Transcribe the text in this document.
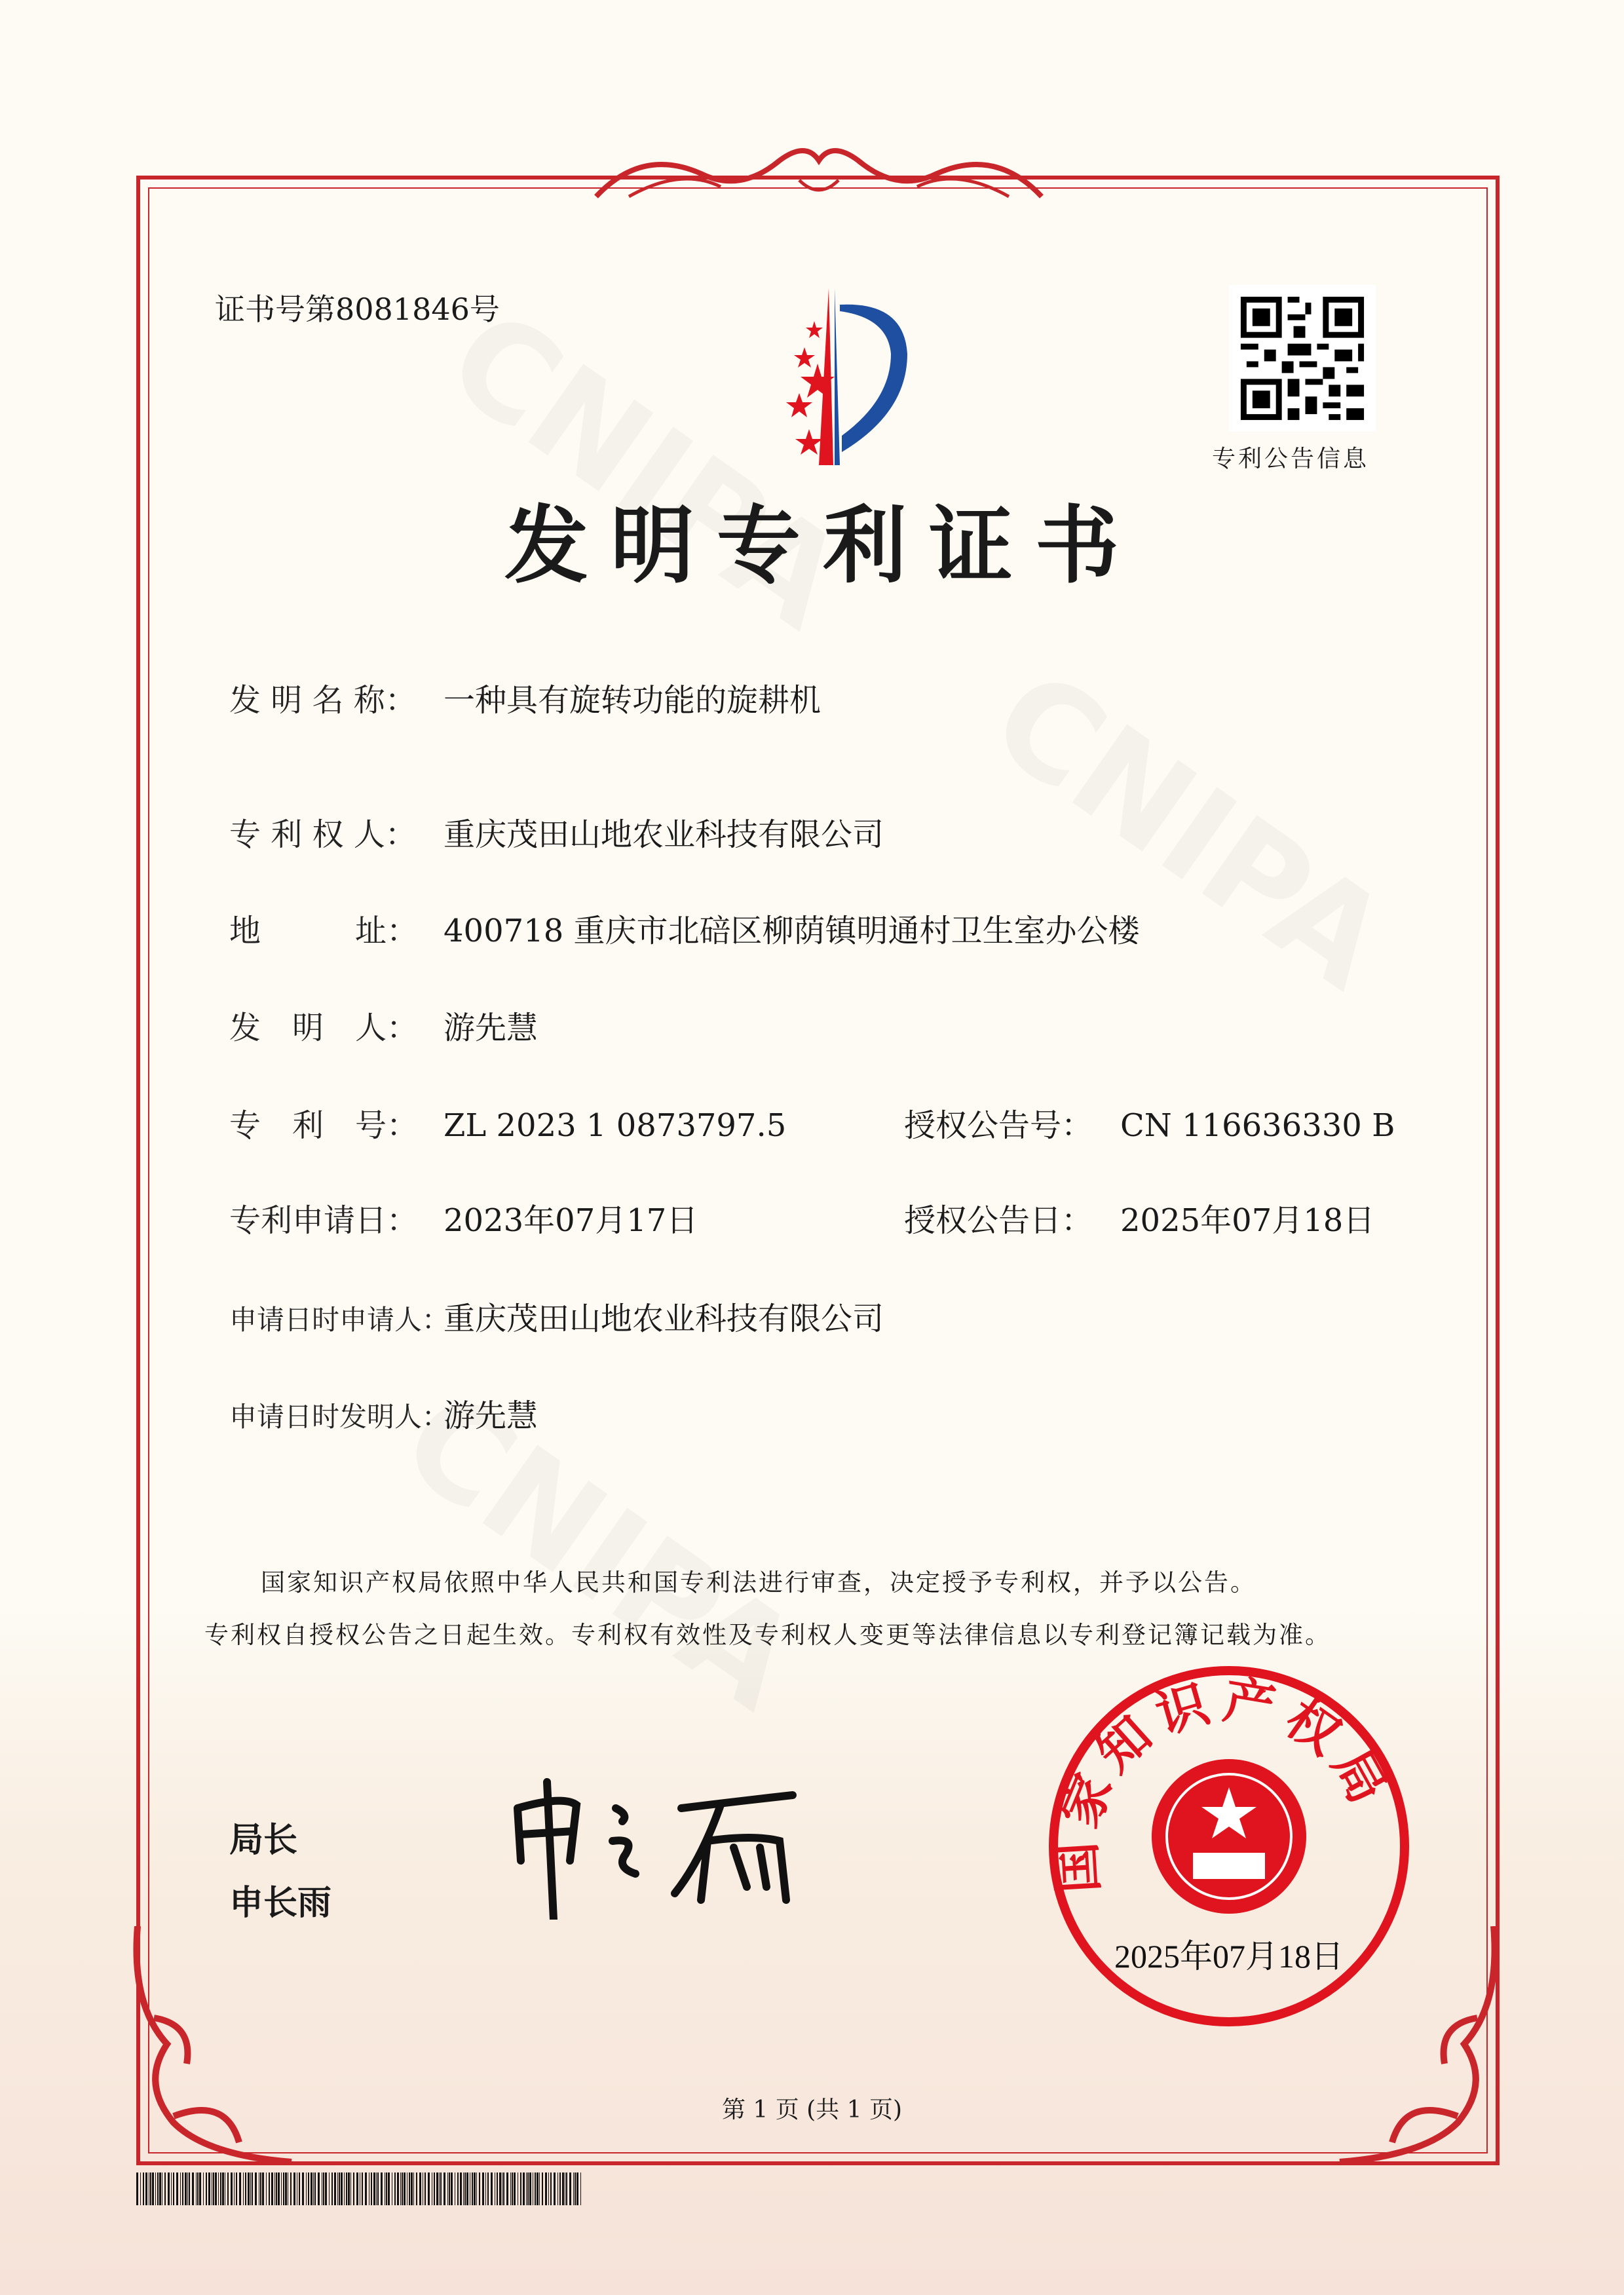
证书号第8081846号
专利公告信息
发明专利证书
发 明 名 称： 一种具有旋转功能的旋耕机
专 利 权 人： 重庆茂田山地农业科技有限公司
地　　　址： 400718 重庆市北碚区柳荫镇明通村卫生室办公楼
发　明　人： 游先慧
专　利　号： ZL 2023 1 0873797.5
专利申请日： 2023年07月17日
申请日时申请人：重庆茂田山地农业科技有限公司
申请日时发明人：游先慧
授权公告号： CN 116636330 B
授权公告日： 2025年07月18日
国家知识产权局依照中华人民共和国专利法进行审查，决定授予专利权，并予以公告。
专利权自授权公告之日起生效。专利权有效性及专利权人变更等法律信息以专利登记簿记载为准。
局长
申长雨
国家知识产权局
2025年07月18日
第 1 页 (共 1 页)
